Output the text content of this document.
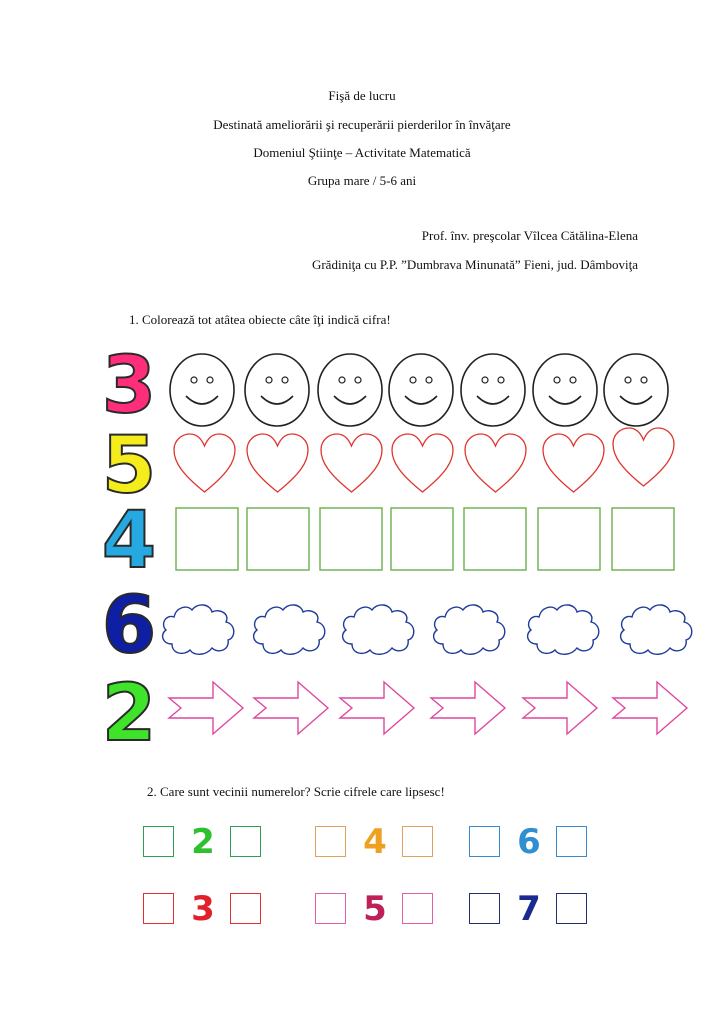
Fişă de lucru
Destinată ameliorării şi recuperării pierderilor în învăţare
Domeniul Ştiinţe – Activitate Matematică
Grupa mare / 5-6 ani
Prof. înv. preşcolar Vîlcea Cătălina-Elena
Grădiniţa cu P.P. ”Dumbrava Minunată” Fieni, jud. Dâmboviţa
1. Colorează tot atâtea obiecte câte îţi indică cifra!
3
5
4
6
2
2. Care sunt vecinii numerelor? Scrie cifrele care lipsesc!
2	4	6
3	5	7
